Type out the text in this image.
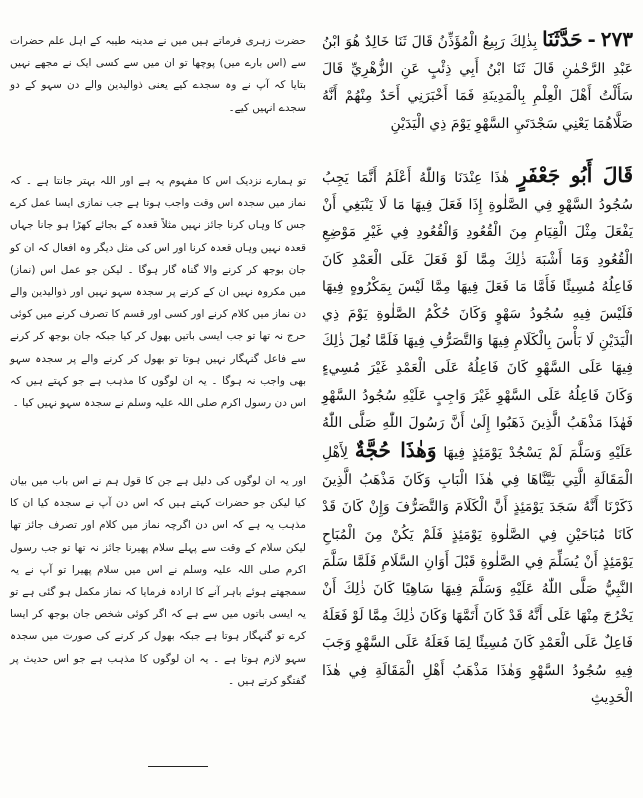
٢٧٣ - حَدَّثَنَا بِذٰلِكَ رَبِيعُ الْمُؤَذِّنُ قَالَ ثَنَا خَالِدٌ هُوَ ابْنُ عَبْدِ الرَّحْمٰنِ قَالَ ثَنَا ابْنُ أَبِي ذِئْبٍ عَنِ الزُّهْرِيِّ قَالَ سَأَلْتُ أَهْلَ الْعِلْمِ بِالْمَدِينَةِ فَمَا أَخْبَرَنِي أَحَدٌ مِنْهُمْ أَنَّهُ صَلَّاهُمَا يَعْنِي سَجْدَتَيِ السَّهْوِ يَوْمَ ذِي الْيَدَيْنِ
قَالَ أَبُو جَعْفَرٍ هٰذَا عِنْدَنَا وَاللّٰهُ أَعْلَمُ أَنَّمَا يَجِبُ سُجُودُ السَّهْوِ فِي الصَّلٰوةِ إِذَا فَعَلَ فِيهَا مَا لَا يَنْبَغِي أَنْ يَفْعَلَ مِثْلَ الْقِيَامِ مِنَ الْقُعُودِ وَالْقُعُودِ فِي غَيْرِ مَوْضِعِ الْقُعُودِ وَمَا أَشْبَهَ ذٰلِكَ مِمَّا لَوْ فَعَلَ عَلَى الْعَمْدِ كَانَ فَاعِلُهُ مُسِيئًا فَأَمَّا مَا فَعَلَ فِيهَا مِمَّا لَيْسَ بِمَكْرُوهٍ فِيهَا فَلَيْسَ فِيهِ سُجُودُ سَهْوٍ وَكَانَ حُكْمُ الصَّلٰوةِ يَوْمَ ذِي الْيَدَيْنِ لَا بَأْسَ بِالْكَلَامِ فِيهَا وَالتَّصَرُّفِ فِيهَا فَلَمَّا نُعِلَ ذٰلِكَ فِيهَا عَلَى السَّهْوِ كَانَ فَاعِلُهُ عَلَى الْعَمْدِ غَيْرَ مُسِيءٍ وَكَانَ فَاعِلُهُ عَلَى السَّهْوِ غَيْرَ وَاجِبٍ عَلَيْهِ سُجُودُ السَّهْوِ فَهٰذَا مَذْهَبُ الَّذِينَ ذَهَبُوا إِلَىٰ أَنَّ رَسُولَ اللّٰهِ صَلَّى اللّٰهُ عَلَيْهِ وَسَلَّمَ لَمْ يَسْجُدْ يَوْمَئِذٍ فِيهَا وَهٰذَا حُجَّةٌ لِأَهْلِ الْمَقَالَةِ الَّتِي بَيَّنَّاهَا فِي هٰذَا الْبَابِ وَكَانَ مَذْهَبُ الَّذِينَ ذَكَرْنَا أَنَّهُ سَجَدَ يَوْمَئِذٍ أَنَّ الْكَلَامَ وَالتَّصَرُّفَ وَإِنْ كَانَ قَدْ كَانَا مُبَاحَيْنِ فِي الصَّلٰوةِ يَوْمَئِذٍ فَلَمْ يَكُنْ مِنَ الْمُبَاحِ يَوْمَئِذٍ أَنْ يُسَلِّمَ فِي الصَّلٰوةِ قَبْلَ أَوَانِ السَّلَامِ فَلَمَّا سَلَّمَ النَّبِيُّ صَلَّى اللّٰهُ عَلَيْهِ وَسَلَّمَ فِيهَا سَاهِيًا كَانَ ذٰلِكَ أَنْ يَخْرُجَ مِنْهَا عَلَى أَنَّهُ قَدْ كَانَ أَتَمَّهَا وَكَانَ ذٰلِكَ مِمَّا لَوْ فَعَلَهُ فَاعِلٌ عَلَى الْعَمْدِ كَانَ مُسِيئًا لِمَا فَعَلَهُ عَلَى السَّهْوِ وَجَبَ فِيهِ سُجُودُ السَّهْوِ وَهٰذَا مَذْهَبُ أَهْلِ الْمَقَالَةِ فِي هٰذَا الْحَدِيثِ

حضرت زہری فرماتے ہیں میں نے مدینہ طیبہ کے اہل علم حضرات سے (اس بارے میں) پوچھا تو ان میں سے کسی ایک نے مجھے نہیں بتایا کہ آپ نے وہ سجدے کیے یعنی ذوالیدین والے دن سہو کے دو سجدے انہیں کیے۔

تو ہمارے نزدیک اس کا مفہوم یہ ہے اور اللہ بہتر جانتا ہے ۔ کہ نماز میں سجدہ اس وقت واجب ہوتا ہے جب نمازی ایسا عمل کرے جس کا وہاں کرنا جائز نہیں مثلاً قعدہ کے بجائے کھڑا ہو جانا جہاں قعدہ نہیں وہاں قعدہ کرنا اور اس کی مثل دیگر وہ افعال کہ ان کو جان بوجھ کر کرنے والا گناہ گار ہوگا ۔ لیکن جو عمل اس (نماز) میں مکروہ نہیں ان کے کرنے پر سجدہ سہو نہیں اور ذوالیدین والے دن نماز میں کلام کرنے اور کسی اور قسم کا تصرف کرنے میں کوئی حرج نہ تھا تو جب ایسی باتیں بھول کر کیا جبکہ جان بوجھ کر کرنے سے فاعل گنہگار نہیں ہوتا تو بھول کر کرنے والے پر سجدہ سہو بھی واجب نہ ہوگا ۔ یہ ان لوگوں کا مذہب ہے جو کہتے ہیں کہ اس دن رسول اکرم صلی اللہ علیہ وسلم نے سجدہ سہو نہیں کیا ۔

اور یہ ان لوگوں کی دلیل ہے جن کا قول ہم نے اس باب میں بیان کیا لیکن جو حضرات کہتے ہیں کہ اس دن آپ نے سجدہ کیا ان کا مذہب یہ ہے کہ اس دن اگرچہ نماز میں کلام اور تصرف جائز تھا لیکن سلام کے وقت سے پہلے سلام پھیرنا جائز نہ تھا تو جب رسول اکرم صلی اللہ علیہ وسلم نے اس میں سلام پھیرا تو آپ نے یہ سمجھتے ہوئے باہر آنے کا ارادہ فرمایا کہ نماز مکمل ہو گئی ہے تو یہ ایسی باتوں میں سے ہے کہ اگر کوئی شخص جان بوجھ کر ایسا کرے تو گنہگار ہوتا ہے جبکہ بھول کر کرنے کی صورت میں سجدہ سہو لازم ہوتا ہے ۔ یہ ان لوگوں کا مذہب ہے جو اس حدیث پر گفتگو کرتے ہیں ۔
